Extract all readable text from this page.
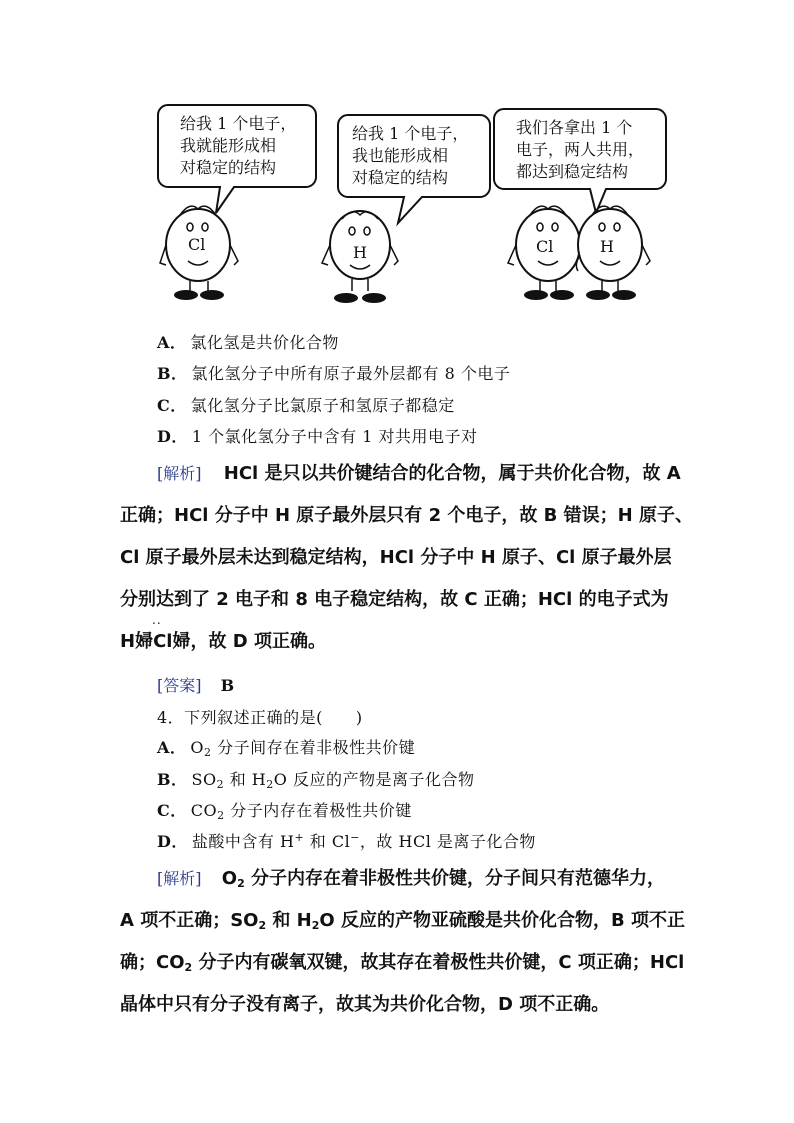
给我 1 个电子，
我就能形成相
对稳定的结构
给我 1 个电子，
我也能形成相
对稳定的结构
我们各拿出 1 个
电子，两人共用，
都达到稳定结构
Cl	H	Cl	H
A． 氯化氢是共价化合物
B． 氯化氢分子中所有原子最外层都有 8 个电子
C． 氯化氢分子比氯原子和氢原子都稳定
D． 1 个氯化氢分子中含有 1 对共用电子对
[解析] HCl 是只以共价键结合的化合物，属于共价化合物，故 A
正确；HCl 分子中 H 原子最外层只有 2 个电子，故 B 错误；H 原子、
Cl 原子最外层未达到稳定结构，HCl 分子中 H 原子、Cl 原子最外层
分别达到了 2 电子和 8 电子稳定结构，故 C 正确；HCl 的电子式为
..
H婦Cl婦，故 D 项正确。
[答案] B
4．下列叙述正确的是(　　)
A． $O_2$ 分子间存在着非极性共价键
B． $SO_2$ 和 $H_2O$ 反应的产物是离子化合物
C． $CO_2$ 分子内存在着极性共价键
D． 盐酸中含有 H+ 和 Cl−，故 HCl 是离子化合物
[解析] $O_2$ 分子内存在着非极性共价键，分子间只有范德华力，
A 项不正确；$SO_2$ 和 $H_2O$ 反应的产物亚硫酸是共价化合物，B 项不正
确；$CO_2$ 分子内有碳氧双键，故其存在着极性共价键，C 项正确；HCl
晶体中只有分子没有离子，故其为共价化合物，D 项不正确。
